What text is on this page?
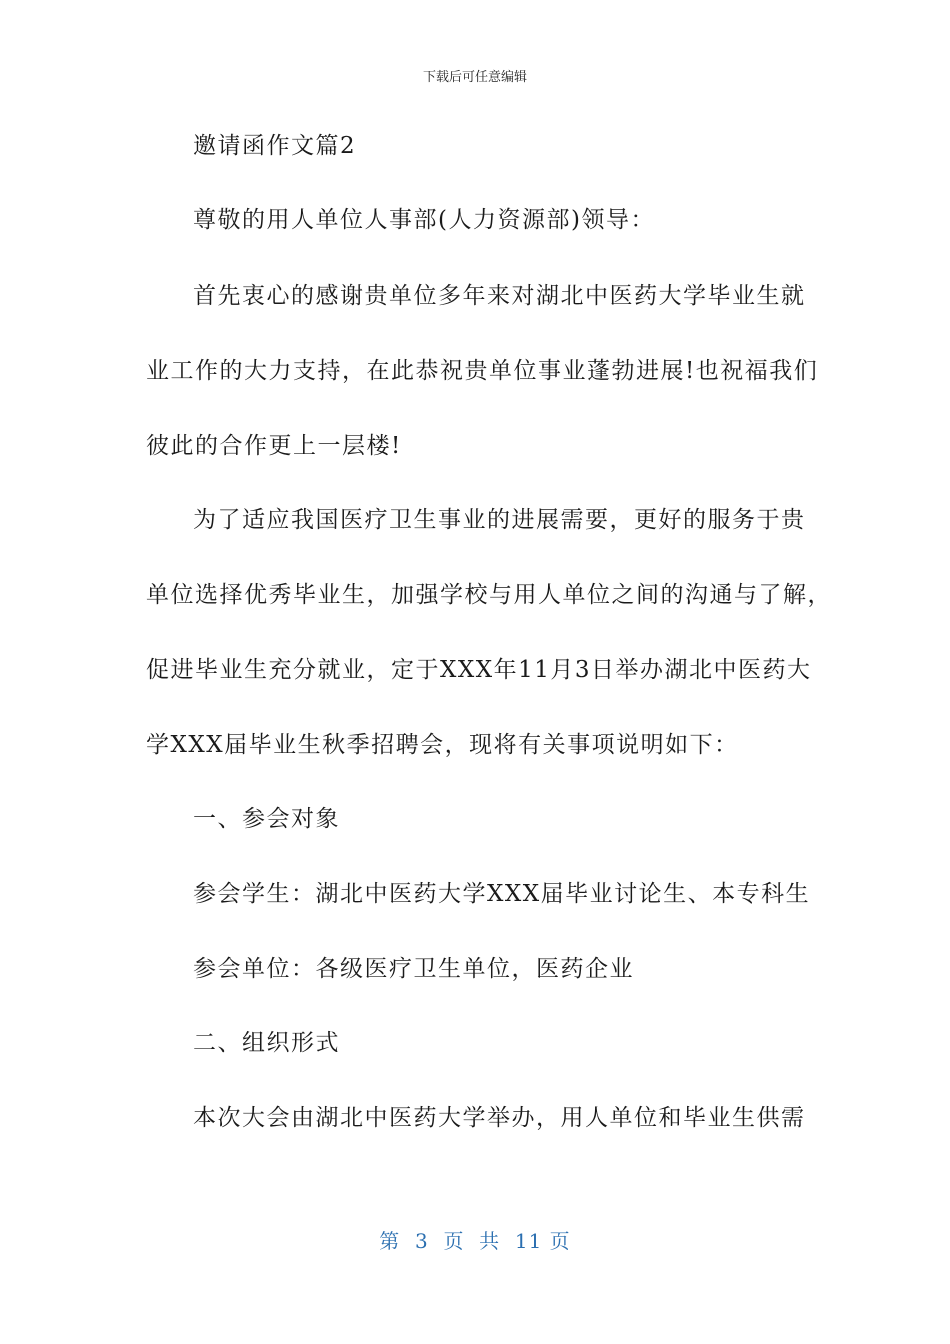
下载后可任意编辑
邀请函作文篇2
尊敬的用人单位人事部(人力资源部)领导：
首先衷心的感谢贵单位多年来对湖北中医药大学毕业生就
业工作的大力支持，在此恭祝贵单位事业蓬勃进展!也祝福我们
彼此的合作更上一层楼!
为了适应我国医疗卫生事业的进展需要，更好的服务于贵
单位选择优秀毕业生，加强学校与用人单位之间的沟通与了解，
促进毕业生充分就业，定于XXX年11月3日举办湖北中医药大
学XXX届毕业生秋季招聘会，现将有关事项说明如下：
一、参会对象
参会学生：湖北中医药大学XXX届毕业讨论生、本专科生
参会单位：各级医疗卫生单位，医药企业
二、组织形式
本次大会由湖北中医药大学举办，用人单位和毕业生供需
第  3  页  共  11 页
